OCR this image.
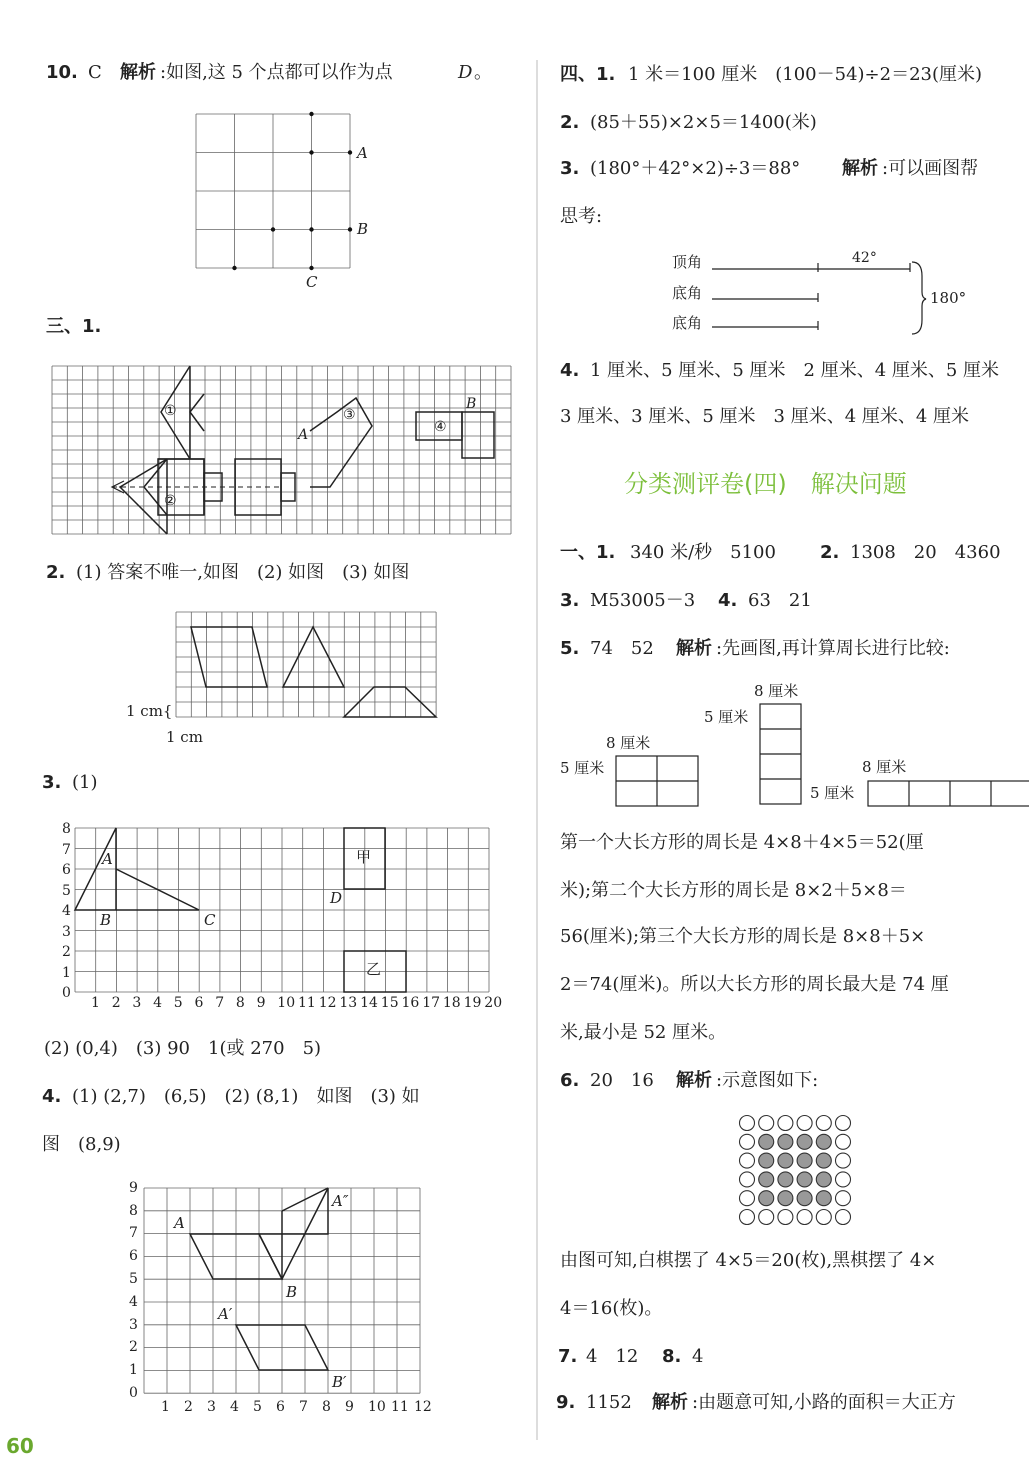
10. C 解析 :如图,这 5 个点都可以作为点	D 。
A
B
C
三、1.
①
②
③
④
A
B
2. (1) 答案不唯一,如图　(2) 如图　(3) 如图
1 cm{
1 cm
3. (1)
1 2 3 4 5 6 7 8 9 10 11 12 13 14 15 16 17 18 19 20
0
1
2
3
4
5
6
7
8
A
B	C
D
甲
乙
(2) (0,4)　(3) 90　1(或 270　5)
4. (1) (2,7)　(6,5)　(2) (8,1)　如图　(3) 如
图　(8,9)
1 2 3 4 5 6 7 8 9 10 11 12
0
1
2
3
4
5
6
7
8
9
A
B
A′
B′
A″
四、1. 1 米＝100 厘米　(100－54)÷2＝23(厘米)
2. (85＋55)×2×5＝1400(米)
3. (180°＋42°×2)÷3＝88° 解析 :可以画图帮
思考:
顶角
底角
底角
42°
180°
4. 1 厘米、5 厘米、5 厘米　2 厘米、4 厘米、5 厘米
3 厘米、3 厘米、5 厘米　3 厘米、4 厘米、4 厘米
分类测评卷(四)　解决问题
一、1. 340 米/秒　5100 2. 1308　20　4360
3. M53005－3 4. 63　21
5. 74　52 解析 :先画图,再计算周长进行比较:
8 厘米
5 厘米
8 厘米
5 厘米
8 厘米
5 厘米
第一个大长方形的周长是 4×8＋4×5＝52(厘
米);第二个大长方形的周长是 8×2＋5×8＝
56(厘米);第三个大长方形的周长是 8×8＋5×
2＝74(厘米)。所以大长方形的周长最大是 74 厘
米,最小是 52 厘米。
6. 20　16 解析 :示意图如下:
由图可知,白棋摆了 4×5＝20(枚),黑棋摆了 4×
4＝16(枚)。
7. 4　12 8. 4
9. 1152 解析 :由题意可知,小路的面积＝大正方
60
